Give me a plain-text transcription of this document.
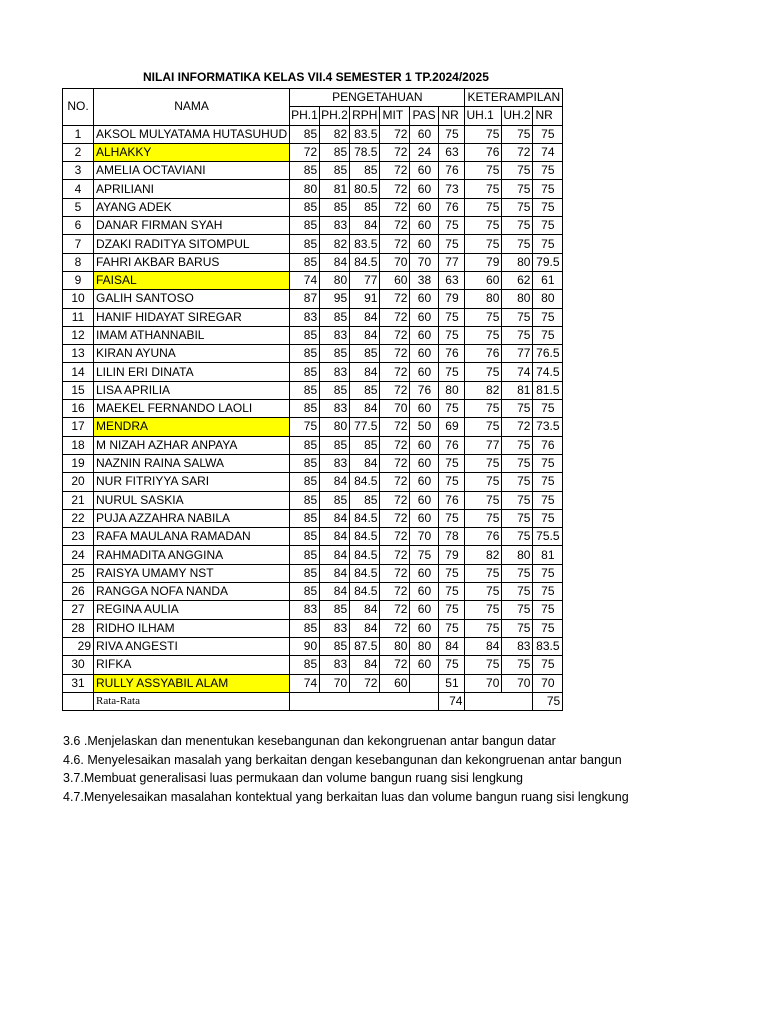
NILAI INFORMATIKA KELAS VII.4 SEMESTER 1 TP.2024/2025
NO.	NAMA	PENGETAHUAN						KETERAMPILAN		
		PH.1	PH.2	RPH	MIT	PAS	NR	UH.1	UH.2	NR
1	AKSOL MULYATAMA HUTASUHUD	85	82	83.5	72	60	75	75	75	75
2	ALHAKKY	72	85	78.5	72	24	63	76	72	74
3	AMELIA OCTAVIANI	85	85	85	72	60	76	75	75	75
4	APRILIANI	80	81	80.5	72	60	73	75	75	75
5	AYANG ADEK	85	85	85	72	60	76	75	75	75
6	DANAR FIRMAN SYAH	85	83	84	72	60	75	75	75	75
7	DZAKI RADITYA SITOMPUL	85	82	83.5	72	60	75	75	75	75
8	FAHRI AKBAR BARUS	85	84	84.5	70	70	77	79	80	79.5
9	FAISAL	74	80	77	60	38	63	60	62	61
10	GALIH SANTOSO	87	95	91	72	60	79	80	80	80
11	HANIF HIDAYAT SIREGAR	83	85	84	72	60	75	75	75	75
12	IMAM ATHANNABIL	85	83	84	72	60	75	75	75	75
13	KIRAN AYUNA	85	85	85	72	60	76	76	77	76.5
14	LILIN ERI DINATA	85	83	84	72	60	75	75	74	74.5
15	LISA APRILIA	85	85	85	72	76	80	82	81	81.5
16	MAEKEL FERNANDO LAOLI	85	83	84	70	60	75	75	75	75
17	MENDRA	75	80	77.5	72	50	69	75	72	73.5
18	M NIZAH AZHAR ANPAYA	85	85	85	72	60	76	77	75	76
19	NAZNIN RAINA SALWA	85	83	84	72	60	75	75	75	75
20	NUR FITRIYYA SARI	85	84	84.5	72	60	75	75	75	75
21	NURUL SASKIA	85	85	85	72	60	76	75	75	75
22	PUJA AZZAHRA NABILA	85	84	84.5	72	60	75	75	75	75
23	RAFA MAULANA RAMADAN	85	84	84.5	72	70	78	76	75	75.5
24	RAHMADITA ANGGINA	85	84	84.5	72	75	79	82	80	81
25	RAISYA UMAMY NST	85	84	84.5	72	60	75	75	75	75
26	RANGGA NOFA NANDA	85	84	84.5	72	60	75	75	75	75
27	REGINA AULIA	83	85	84	72	60	75	75	75	75
28	RIDHO ILHAM	85	83	84	72	60	75	75	75	75
29	RIVA ANGESTI	90	85	87.5	80	80	84	84	83	83.5
30	RIFKA	85	83	84	72	60	75	75	75	75
31	RULLY ASSYABIL ALAM	74	70	72	60		51	70	70	70
	Rata-Rata						74			75
3.6 .Menjelaskan dan menentukan kesebangunan dan kekongruenan antar bangun datar
4.6. Menyelesaikan masalah yang berkaitan dengan kesebangunan dan kekongruenan antar bangun
3.7.Membuat generalisasi luas permukaan dan volume bangun ruang sisi lengkung
4.7.Menyelesaikan masalahan kontektual yang berkaitan luas dan volume bangun ruang sisi lengkung
